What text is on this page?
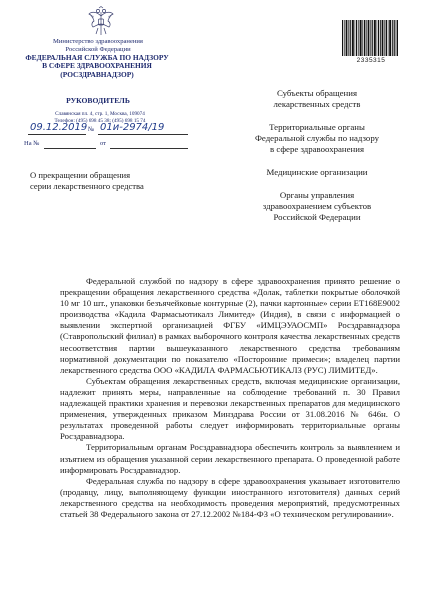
Министерство здравоохранения
Российской Федерации
ФЕДЕРАЛЬНАЯ СЛУЖБА ПО НАДЗОРУ
В СФЕРЕ ЗДРАВООХРАНЕНИЯ
(РОСЗДРАВНАДЗОР)
РУКОВОДИТЕЛЬ
Славянская пл. 4, стр. 1, Москва, 109074
Телефон: (495) 698 45 38; (495) 698 15 74
09.12.2019 № 01и-2974/19
На №	от
О прекращении обращения
серии лекарственного средства
2335315
Субъекты обращения
лекарственных средств
Территориальные органы
Федеральной службы по надзору
в сфере здравоохранения
Медицинские организации
Органы управления
здравоохранением субъектов
Российской Федерации

Федеральной службой по надзору в сфере здравоохранения принято решение о прекращении обращения лекарственного средства «Долак, таблетки покрытые оболочкой 10 мг 10 шт., упаковки безъячейковые контурные (2), пачки картонные» серии ET168E9002 производства «Кадила Фармасьютикалз Лимитед» (Индия), в связи с информацией о выявлении экспертной организацией ФГБУ «ИМЦЭУАОСМП» Росздравнадзора (Ставропольский филиал) в рамках выборочного контроля качества лекарственных средств несоответствия партии вышеуказанного лекарственного средства требованиям нормативной документации по показателю «Посторонние примеси»; владелец партии лекарственного средства ООО «КАДИЛА ФАРМАСЬЮТИКАЛЗ (РУС) ЛИМИТЕД».

Субъектам обращения лекарственных средств, включая медицинские организации, надлежит принять меры, направленные на соблюдение требований п. 30 Правил надлежащей практики хранения и перевозки лекарственных препаратов для медицинского применения, утвержденных приказом Минздрава России от 31.08.2016 № 646н. О результатах проведенной работы следует информировать территориальные органы Росздравнадзора.

Территориальным органам Росздравнадзора обеспечить контроль за выявлением и изъятием из обращения указанной серии лекарственного препарата. О проведенной работе информировать Росздравнадзор.

Федеральная служба по надзору в сфере здравоохранения указывает изготовителю (продавцу, лицу, выполняющему функции иностранного изготовителя) данных серий лекарственного средства на необходимость проведения мероприятий, предусмотренных статьей 38 Федерального закона от 27.12.2002 №184-ФЗ «О техническом регулировании».
